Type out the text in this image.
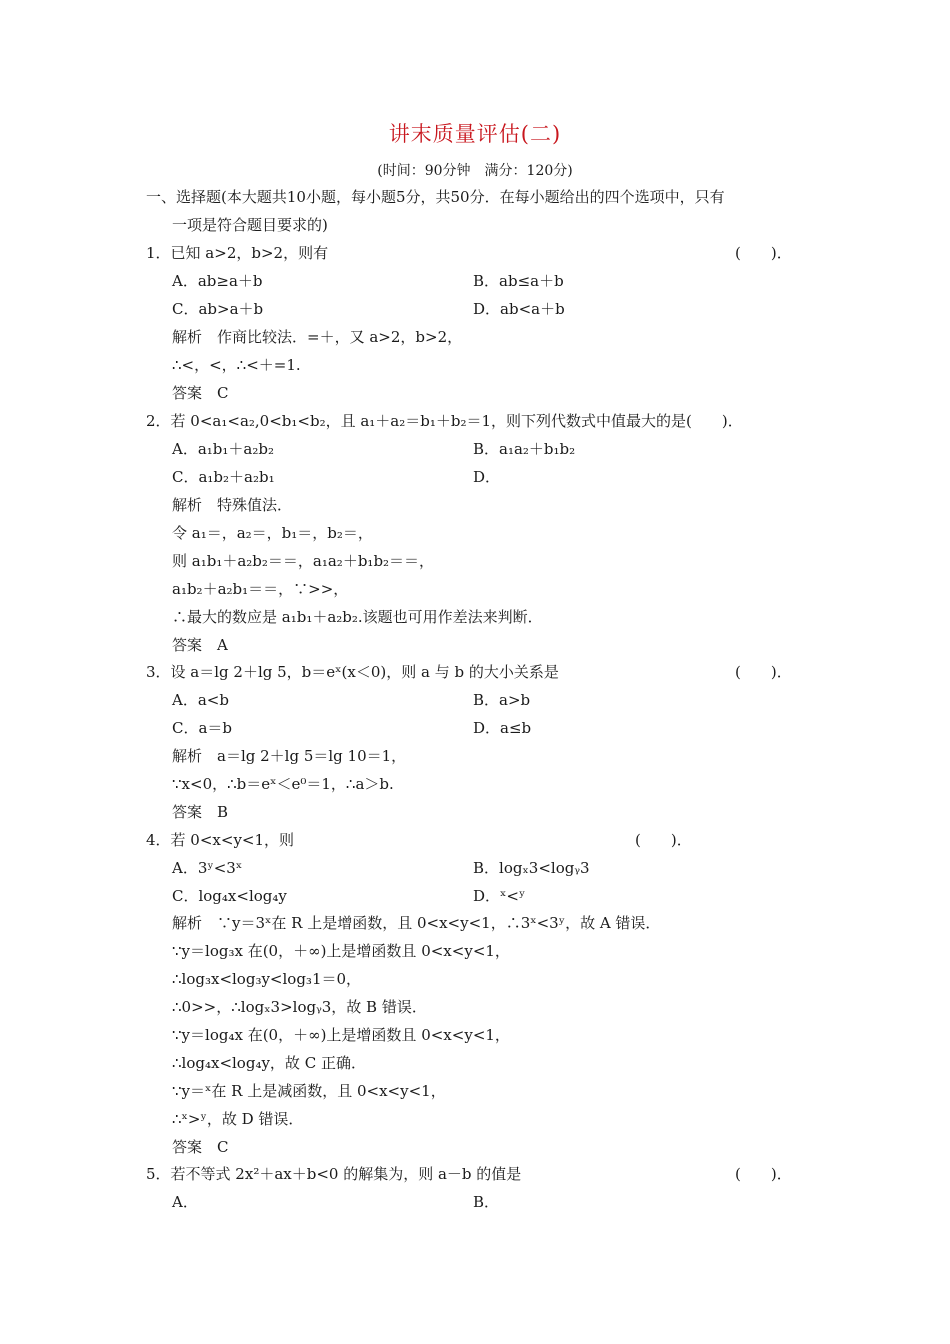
讲末质量评估(二)
(时间：90分钟　满分：120分)
一、选择题(本大题共10小题，每小题5分，共50分．在每小题给出的四个选项中，只有
一项是符合题目要求的)
1．已知 a>2，b>2，则有	(　　)．
A．ab≥a＋b	B．ab≤a＋b
C．ab>a＋b	D．ab<a＋b
解析　作商比较法．=＋，又 a>2，b>2，
∴<，<，∴<＋=1.
答案　C
2．若 0<a₁<a₂,0<b₁<b₂，且 a₁＋a₂＝b₁＋b₂＝1，则下列代数式中值最大的是(　　)．
A．a₁b₁＋a₂b₂	B．a₁a₂＋b₁b₂
C．a₁b₂＋a₂b₁	D．
解析　特殊值法．
令 a₁＝，a₂＝，b₁＝，b₂＝，
则 a₁b₁＋a₂b₂＝＝，a₁a₂＋b₁b₂＝＝，
a₁b₂＋a₂b₁＝＝，∵>>，
∴最大的数应是 a₁b₁＋a₂b₂.该题也可用作差法来判断．
答案　A
3．设 a＝lg 2＋lg 5，b＝eˣ(x＜0)，则 a 与 b 的大小关系是	(　　)．
A．a<b	B．a>b
C．a＝b	D．a≤b
解析　a＝lg 2＋lg 5＝lg 10＝1，
∵x<0，∴b＝eˣ＜e⁰＝1，∴a＞b.
答案　B
4．若 0<x<y<1，则	(　　)．
A．3ʸ<3ˣ	B．logₓ3<logᵧ3
C．log₄x<log₄y	D．ˣ<ʸ
解析　∵y＝3ˣ在 R 上是增函数，且 0<x<y<1，∴3ˣ<3ʸ，故 A 错误．
∵y＝log₃x 在(0，＋∞)上是增函数且 0<x<y<1，
∴log₃x<log₃y<log₃1＝0，
∴0>>，∴logₓ3>logᵧ3，故 B 错误．
∵y＝log₄x 在(0，＋∞)上是增函数且 0<x<y<1，
∴log₄x<log₄y，故 C 正确．
∵y＝ˣ在 R 上是减函数，且 0<x<y<1，
∴ˣ>ʸ，故 D 错误．
答案　C
5．若不等式 2x²＋ax＋b<0 的解集为，则 a－b 的值是	(　　)．
A．	B．
